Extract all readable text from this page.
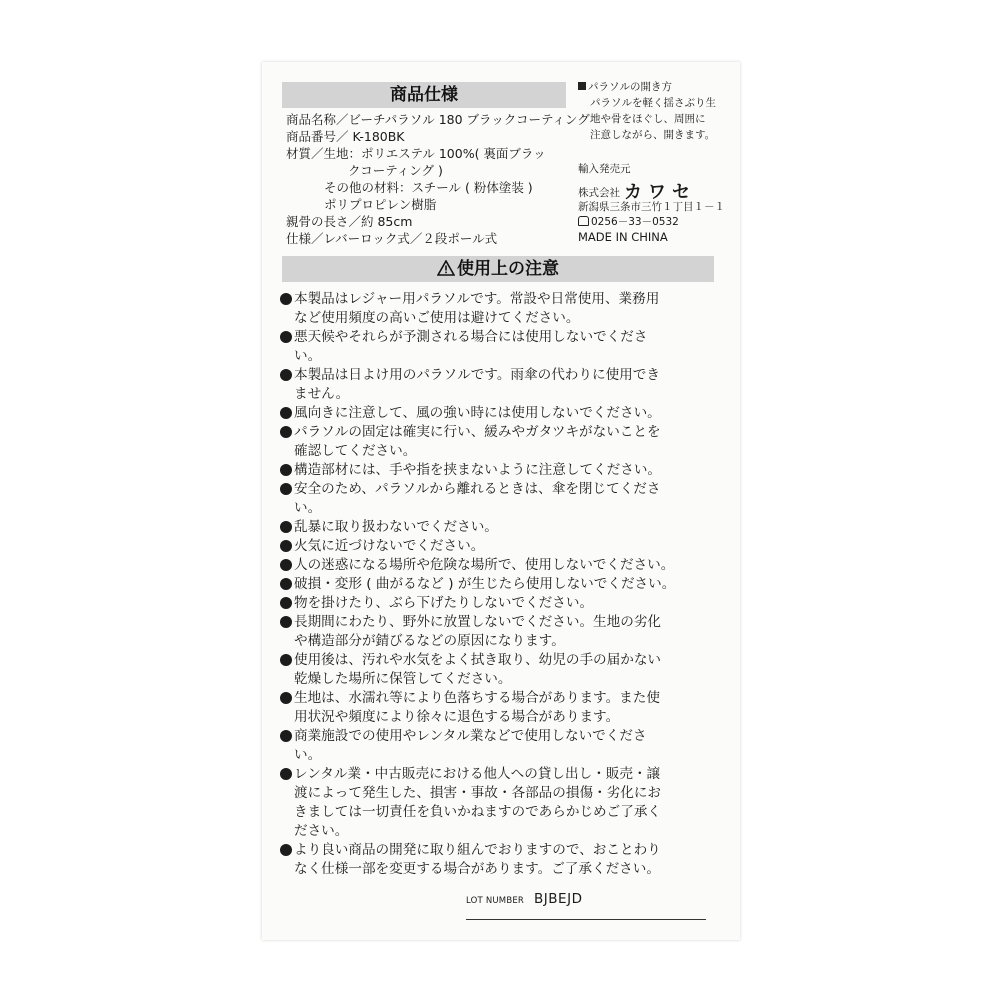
商品仕様
商品名称／ビーチパラソル 180 ブラックコーティング
商品番号／ K-180BK
材質／生地：ポリエステル 100%( 裏面ブラッ
クコーティング )
その他の材料：スチール ( 粉体塗装 )
ポリプロピレン樹脂
親骨の長さ／約 85cm
仕様／レバーロック式／２段ポール式
パラソルの開き方
パラソルを軽く揺さぶり生
地や骨をほぐし、周囲に
注意しながら、開きます。
輸入発売元
株式会社 カワセ
新潟県三条市三竹１丁目１－１
0256－33－0532
MADE IN CHINA
使用上の注意
本製品はレジャー用パラソルです。常設や日常使用、業務用
など使用頻度の高いご使用は避けてください。
悪天候やそれらが予測される場合には使用しないでくださ
い。
本製品は日よけ用のパラソルです。雨傘の代わりに使用でき
ません。
風向きに注意して、風の強い時には使用しないでください。
パラソルの固定は確実に行い、緩みやガタツキがないことを
確認してください。
構造部材には、手や指を挟まないように注意してください。
安全のため、パラソルから離れるときは、傘を閉じてくださ
い。
乱暴に取り扱わないでください。
火気に近づけないでください。
人の迷惑になる場所や危険な場所で、使用しないでください。
破損・変形 ( 曲がるなど ) が生じたら使用しないでください。
物を掛けたり、ぶら下げたりしないでください。
長期間にわたり、野外に放置しないでください。生地の劣化
や構造部分が錆びるなどの原因になります。
使用後は、汚れや水気をよく拭き取り、幼児の手の届かない
乾燥した場所に保管してください。
生地は、水濡れ等により色落ちする場合があります。また使
用状況や頻度により徐々に退色する場合があります。
商業施設での使用やレンタル業などで使用しないでくださ
い。
レンタル業・中古販売における他人への貸し出し・販売・譲
渡によって発生した、損害・事故・各部品の損傷・劣化にお
きましては一切責任を負いかねますのであらかじめご了承く
ださい。
より良い商品の開発に取り組んでおりますので、おことわり
なく仕様一部を変更する場合があります。ご了承ください。
LOT NUMBER BJBEJD
